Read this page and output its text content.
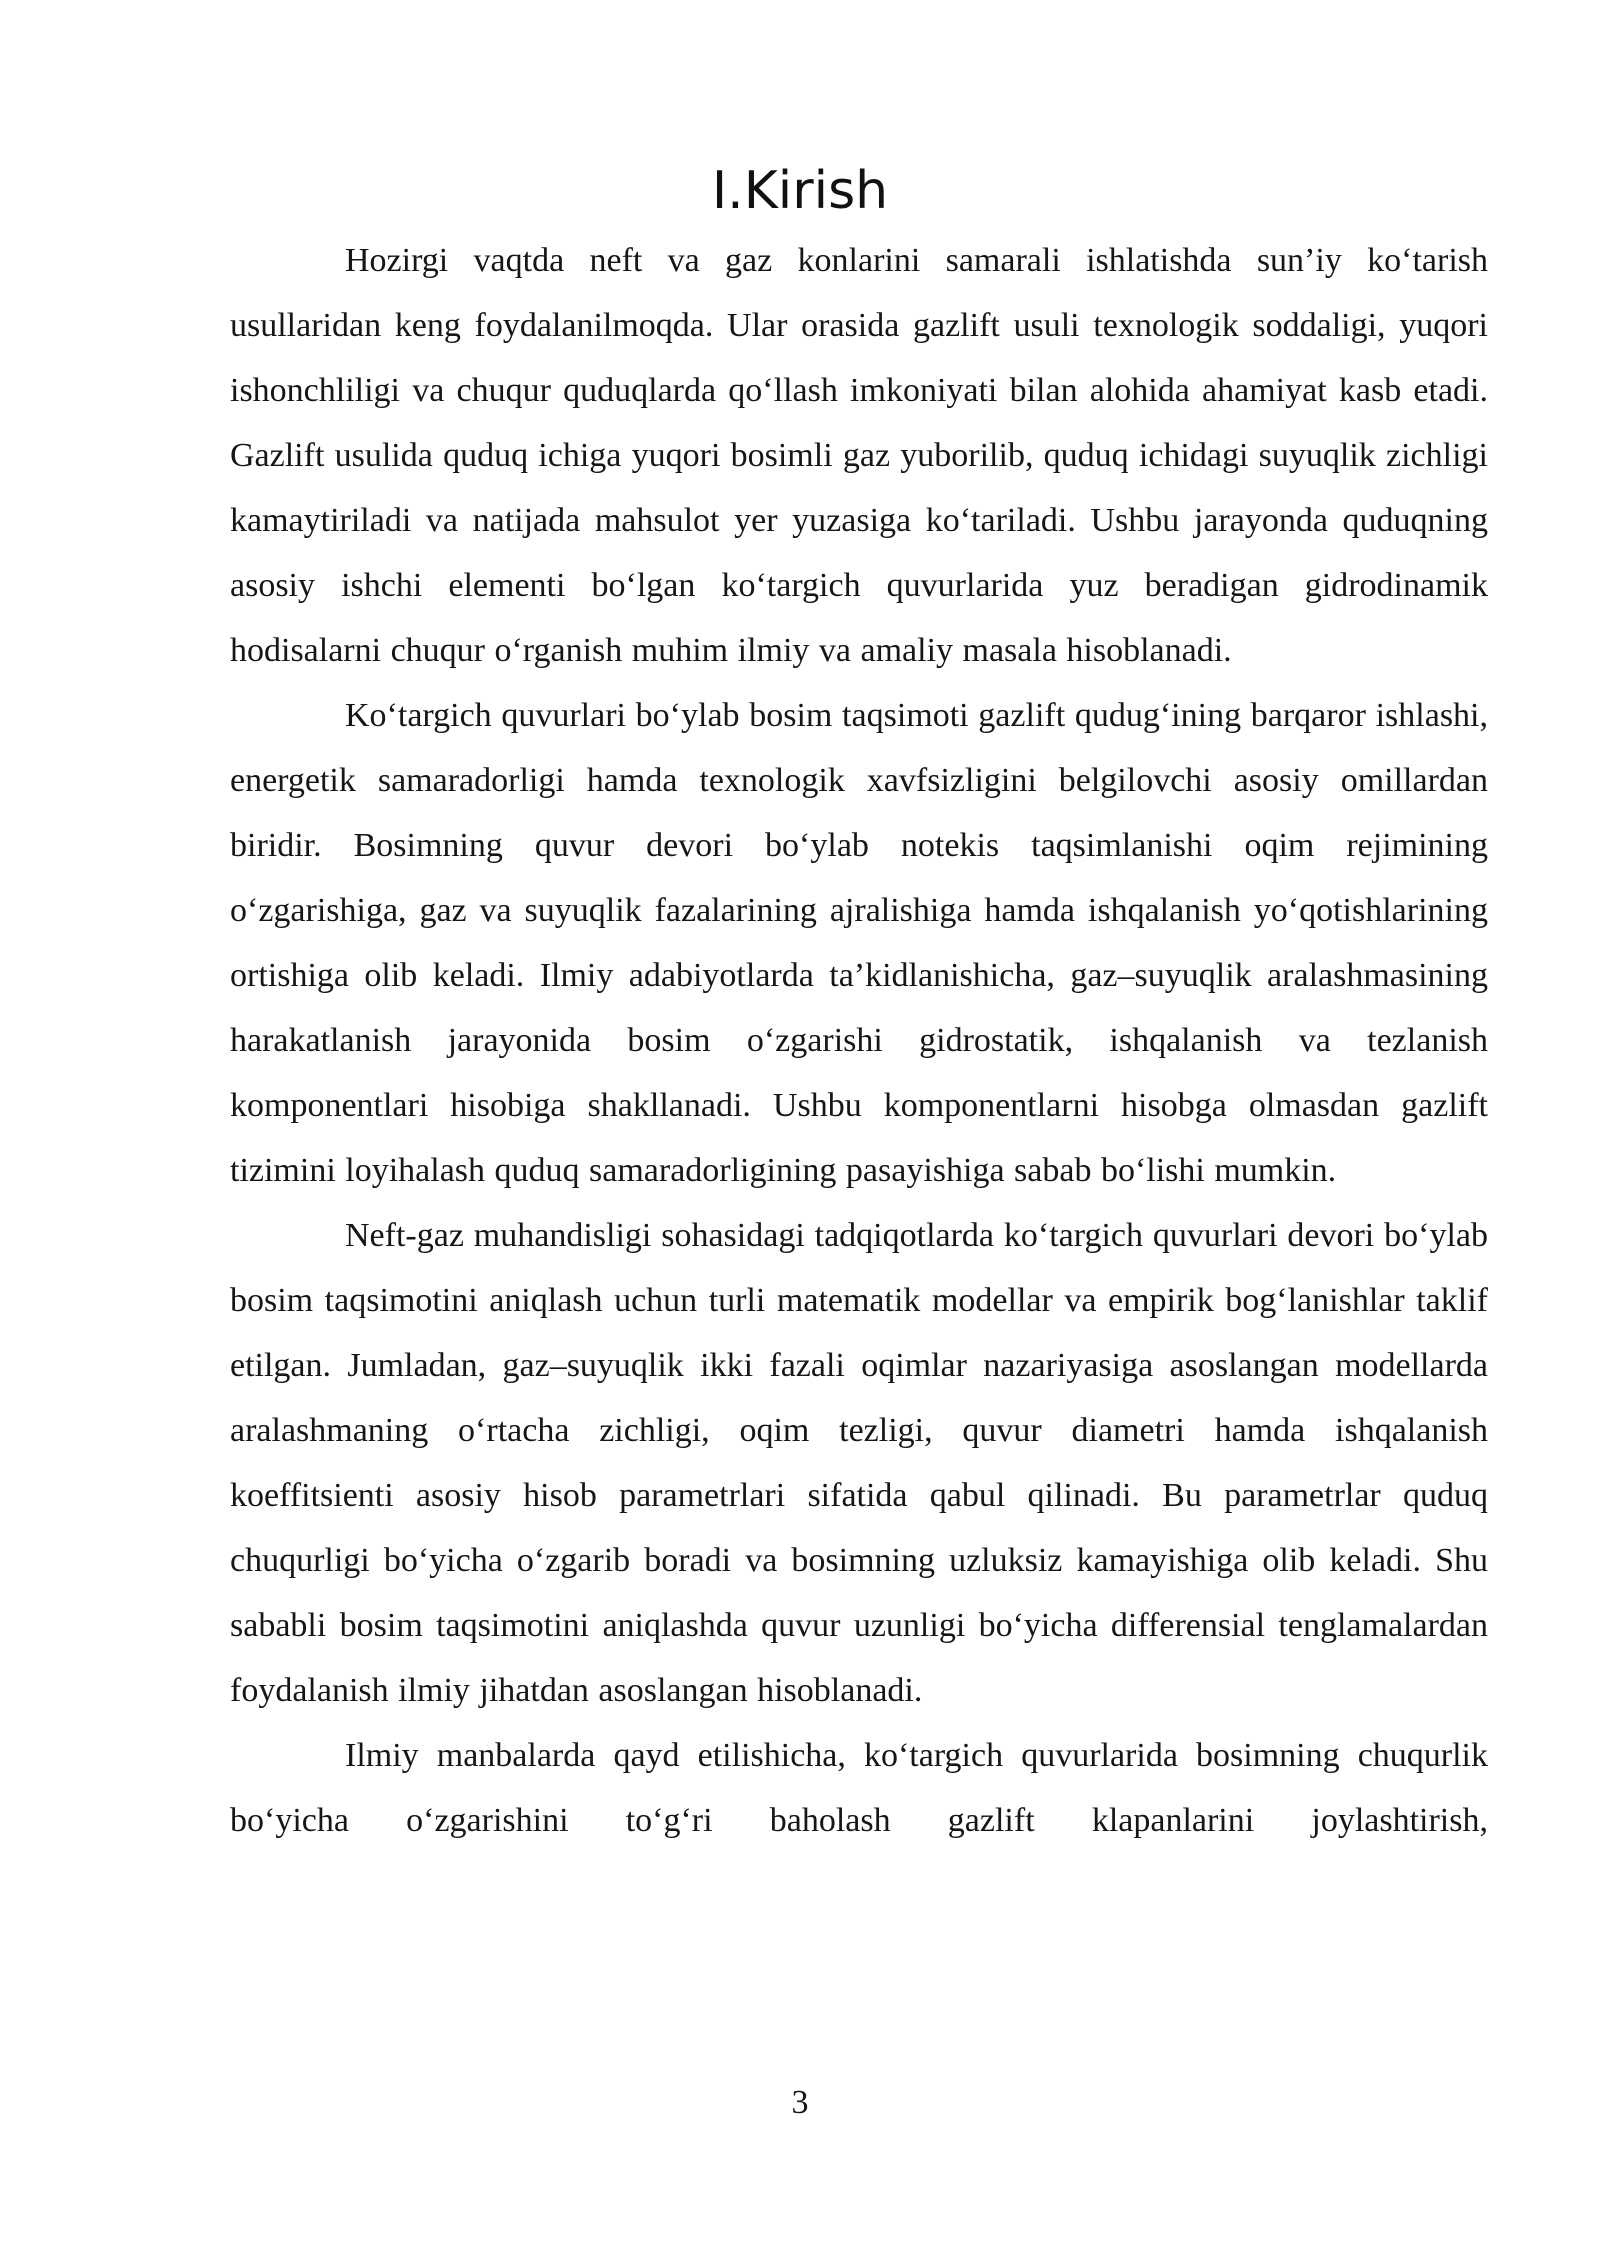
I.Kirish

Hozirgi vaqtda neft va gaz konlarini samarali ishlatishda sun’iy ko‘tarish usullaridan keng foydalanilmoqda. Ular orasida gazlift usuli texnologik soddaligi, yuqori ishonchliligi va chuqur quduqlarda qo‘llash imkoniyati bilan alohida ahamiyat kasb etadi. Gazlift usulida quduq ichiga yuqori bosimli gaz yuborilib, quduq ichidagi suyuqlik zichligi kamaytiriladi va natijada mahsulot yer yuzasiga ko‘tariladi. Ushbu jarayonda quduqning asosiy ishchi elementi bo‘lgan ko‘targich quvurlarida yuz beradigan gidrodinamik hodisalarni chuqur o‘rganish muhim ilmiy va amaliy masala hisoblanadi.

Ko‘targich quvurlari bo‘ylab bosim taqsimoti gazlift qudug‘ining barqaror ishlashi, energetik samaradorligi hamda texnologik xavfsizligini belgilovchi asosiy omillardan biridir. Bosimning quvur devori bo‘ylab notekis taqsimlanishi oqim rejimining o‘zgarishiga, gaz va suyuqlik fazalarining ajralishiga hamda ishqalanish yo‘qotishlarining ortishiga olib keladi. Ilmiy adabiyotlarda ta’kidlanishicha, gaz–suyuqlik aralashmasining harakatlanish jarayonida bosim o‘zgarishi gidrostatik, ishqalanish va tezlanish komponentlari hisobiga shakllanadi. Ushbu komponentlarni hisobga olmasdan gazlift tizimini loyihalash quduq samaradorligining pasayishiga sabab bo‘lishi mumkin.

Neft-gaz muhandisligi sohasidagi tadqiqotlarda ko‘targich quvurlari devori bo‘ylab bosim taqsimotini aniqlash uchun turli matematik modellar va empirik bog‘lanishlar taklif etilgan. Jumladan, gaz–suyuqlik ikki fazali oqimlar nazariyasiga asoslangan modellarda aralashmaning o‘rtacha zichligi, oqim tezligi, quvur diametri hamda ishqalanish koeffitsienti asosiy hisob parametrlari sifatida qabul qilinadi. Bu parametrlar quduq chuqurligi bo‘yicha o‘zgarib boradi va bosimning uzluksiz kamayishiga olib keladi. Shu sababli bosim taqsimotini aniqlashda quvur uzunligi bo‘yicha differensial tenglamalardan foydalanish ilmiy jihatdan asoslangan hisoblanadi.

Ilmiy manbalarda qayd etilishicha, ko‘targich quvurlarida bosimning chuqurlik bo‘yicha o‘zgarishini to‘g‘ri baholash gazlift klapanlarini joylashtirish,

3
